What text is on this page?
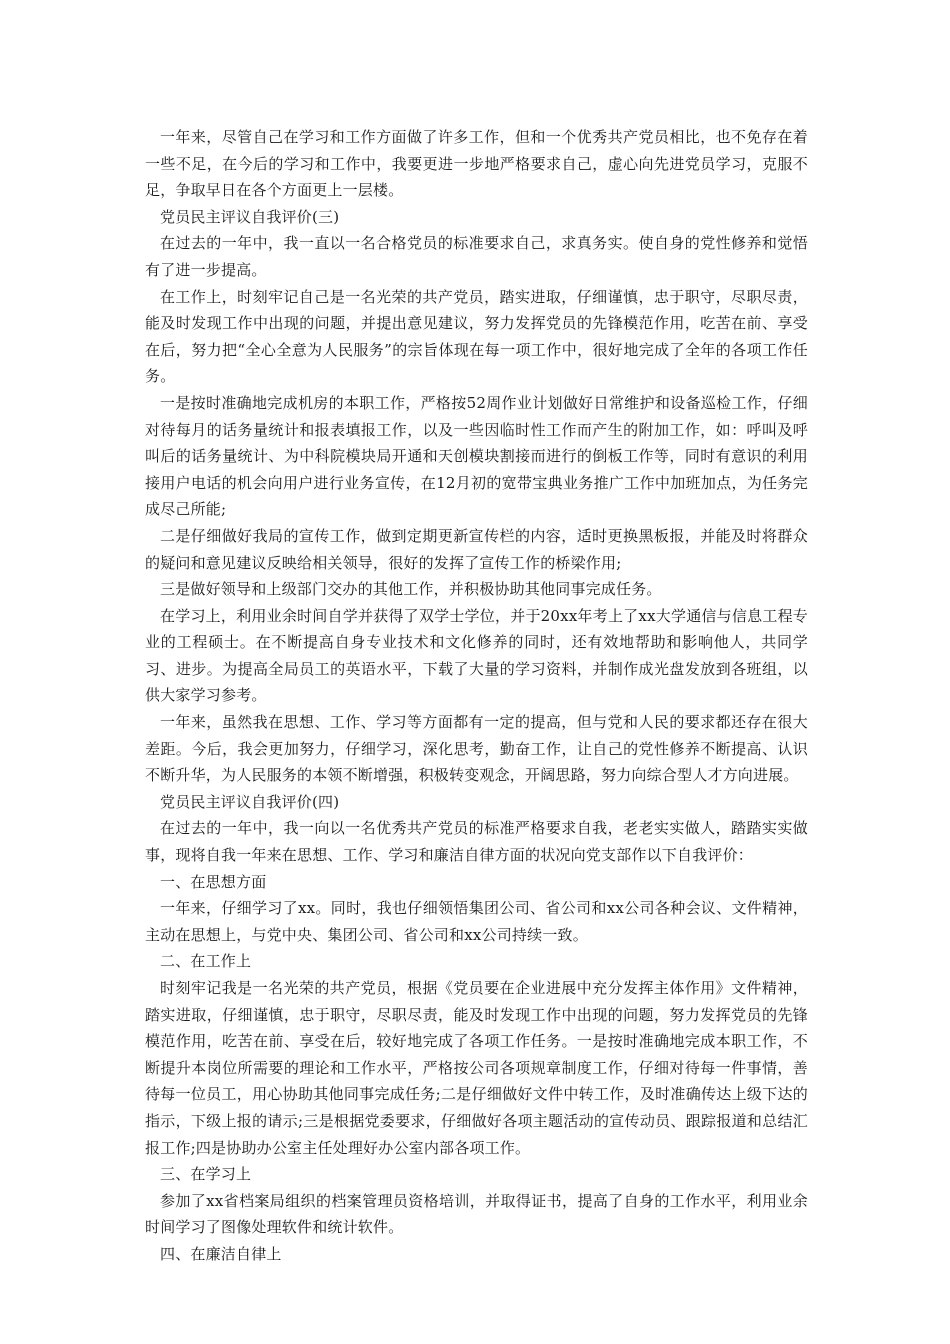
一年来，尽管自己在学习和工作方面做了许多工作，但和一个优秀共产党员相比，也不免存在着一些不足，在今后的学习和工作中，我要更进一步地严格要求自己，虚心向先进党员学习，克服不足，争取早日在各个方面更上一层楼。

党员民主评议自我评价(三)

在过去的一年中，我一直以一名合格党员的标准要求自己，求真务实。使自身的党性修养和觉悟有了进一步提高。

在工作上，时刻牢记自己是一名光荣的共产党员，踏实进取，仔细谨慎，忠于职守，尽职尽责，能及时发现工作中出现的问题，并提出意见建议，努力发挥党员的先锋模范作用，吃苦在前、享受在后，努力把“全心全意为人民服务”的宗旨体现在每一项工作中，很好地完成了全年的各项工作任务。

一是按时准确地完成机房的本职工作，严格按52周作业计划做好日常维护和设备巡检工作，仔细对待每月的话务量统计和报表填报工作，以及一些因临时性工作而产生的附加工作，如：呼叫及呼叫后的话务量统计、为中科院模块局开通和天创模块割接而进行的倒板工作等，同时有意识的利用接用户电话的机会向用户进行业务宣传，在12月初的宽带宝典业务推广工作中加班加点，为任务完成尽己所能;

二是仔细做好我局的宣传工作，做到定期更新宣传栏的内容，适时更换黑板报，并能及时将群众的疑问和意见建议反映给相关领导，很好的发挥了宣传工作的桥梁作用;

三是做好领导和上级部门交办的其他工作，并积极协助其他同事完成任务。

在学习上，利用业余时间自学并获得了双学士学位，并于20xx年考上了xx大学通信与信息工程专业的工程硕士。在不断提高自身专业技术和文化修养的同时，还有效地帮助和影响他人，共同学习、进步。为提高全局员工的英语水平，下载了大量的学习资料，并制作成光盘发放到各班组，以供大家学习参考。

一年来，虽然我在思想、工作、学习等方面都有一定的提高，但与党和人民的要求都还存在很大差距。今后，我会更加努力，仔细学习，深化思考，勤奋工作，让自己的党性修养不断提高、认识不断升华，为人民服务的本领不断增强，积极转变观念，开阔思路，努力向综合型人才方向进展。

党员民主评议自我评价(四)

在过去的一年中，我一向以一名优秀共产党员的标准严格要求自我，老老实实做人，踏踏实实做事，现将自我一年来在思想、工作、学习和廉洁自律方面的状况向党支部作以下自我评价：

一、在思想方面

一年来，仔细学习了xx。同时，我也仔细领悟集团公司、省公司和xx公司各种会议、文件精神，主动在思想上，与党中央、集团公司、省公司和xx公司持续一致。

二、在工作上

时刻牢记我是一名光荣的共产党员，根据《党员要在企业进展中充分发挥主体作用》文件精神，踏实进取，仔细谨慎，忠于职守，尽职尽责，能及时发现工作中出现的问题，努力发挥党员的先锋模范作用，吃苦在前、享受在后，较好地完成了各项工作任务。一是按时准确地完成本职工作，不断提升本岗位所需要的理论和工作水平，严格按公司各项规章制度工作，仔细对待每一件事情，善待每一位员工，用心协助其他同事完成任务;二是仔细做好文件中转工作，及时准确传达上级下达的指示，下级上报的请示;三是根据党委要求，仔细做好各项主题活动的宣传动员、跟踪报道和总结汇报工作;四是协助办公室主任处理好办公室内部各项工作。

三、在学习上

参加了xx省档案局组织的档案管理员资格培训，并取得证书，提高了自身的工作水平，利用业余时间学习了图像处理软件和统计软件。

四、在廉洁自律上
